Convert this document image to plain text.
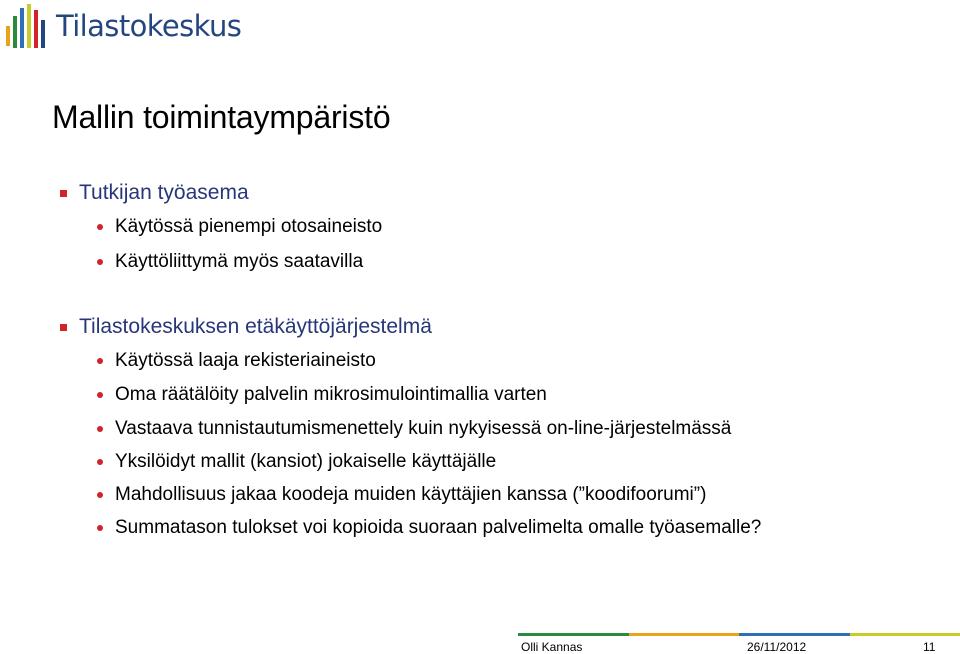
Tilastokeskus
Mallin toimintaympäristö
Tutkijan työasema
Käytössä pienempi otosaineisto
Käyttöliittymä myös saatavilla
Tilastokeskuksen etäkäyttöjärjestelmä
Käytössä laaja rekisteriaineisto
Oma räätälöity palvelin mikrosimulointimallia varten
Vastaava tunnistautumismenettely kuin nykyisessä on-line-järjestelmässä
Yksilöidyt mallit (kansiot) jokaiselle käyttäjälle
Mahdollisuus jakaa koodeja muiden käyttäjien kanssa (”koodifoorumi”)
Summatason tulokset voi kopioida suoraan palvelimelta omalle työasemalle?
Olli Kannas	26/11/2012	11
